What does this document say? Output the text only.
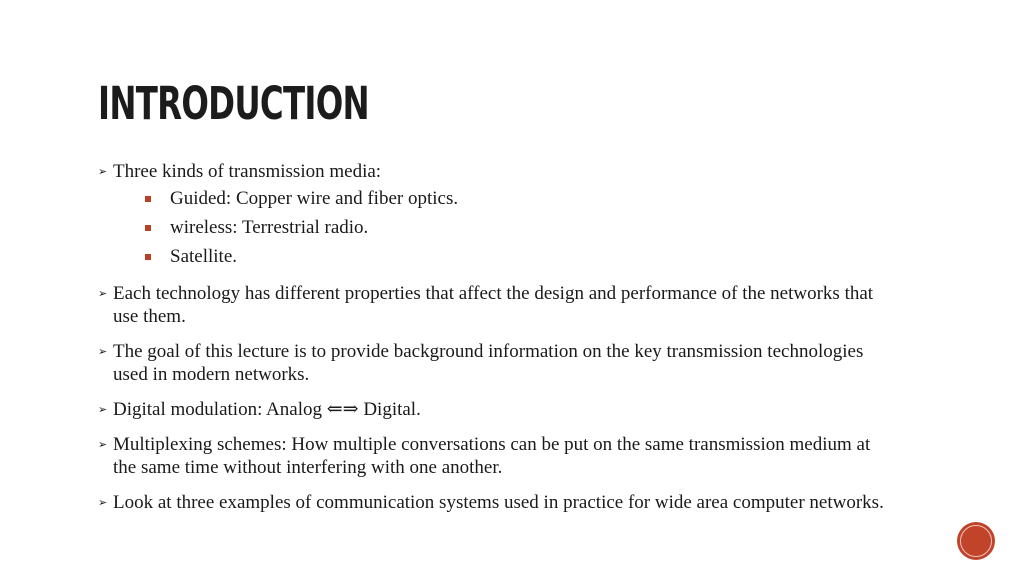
INTRODUCTION
➢ Three kinds of transmission media:
Guided: Copper wire and fiber optics.
wireless: Terrestrial radio.
Satellite.
➢ Each technology has different properties that affect the design and performance of the networks that use them.
➢ The goal of this lecture is to provide background information on the key transmission technologies used in modern networks.
➢ Digital modulation: Analog ⇐⇒ Digital.
➢ Multiplexing schemes: How multiple conversations can be put on the same transmission medium at the same time without interfering with one another.
➢ Look at three examples of communication systems used in practice for wide area computer networks.
